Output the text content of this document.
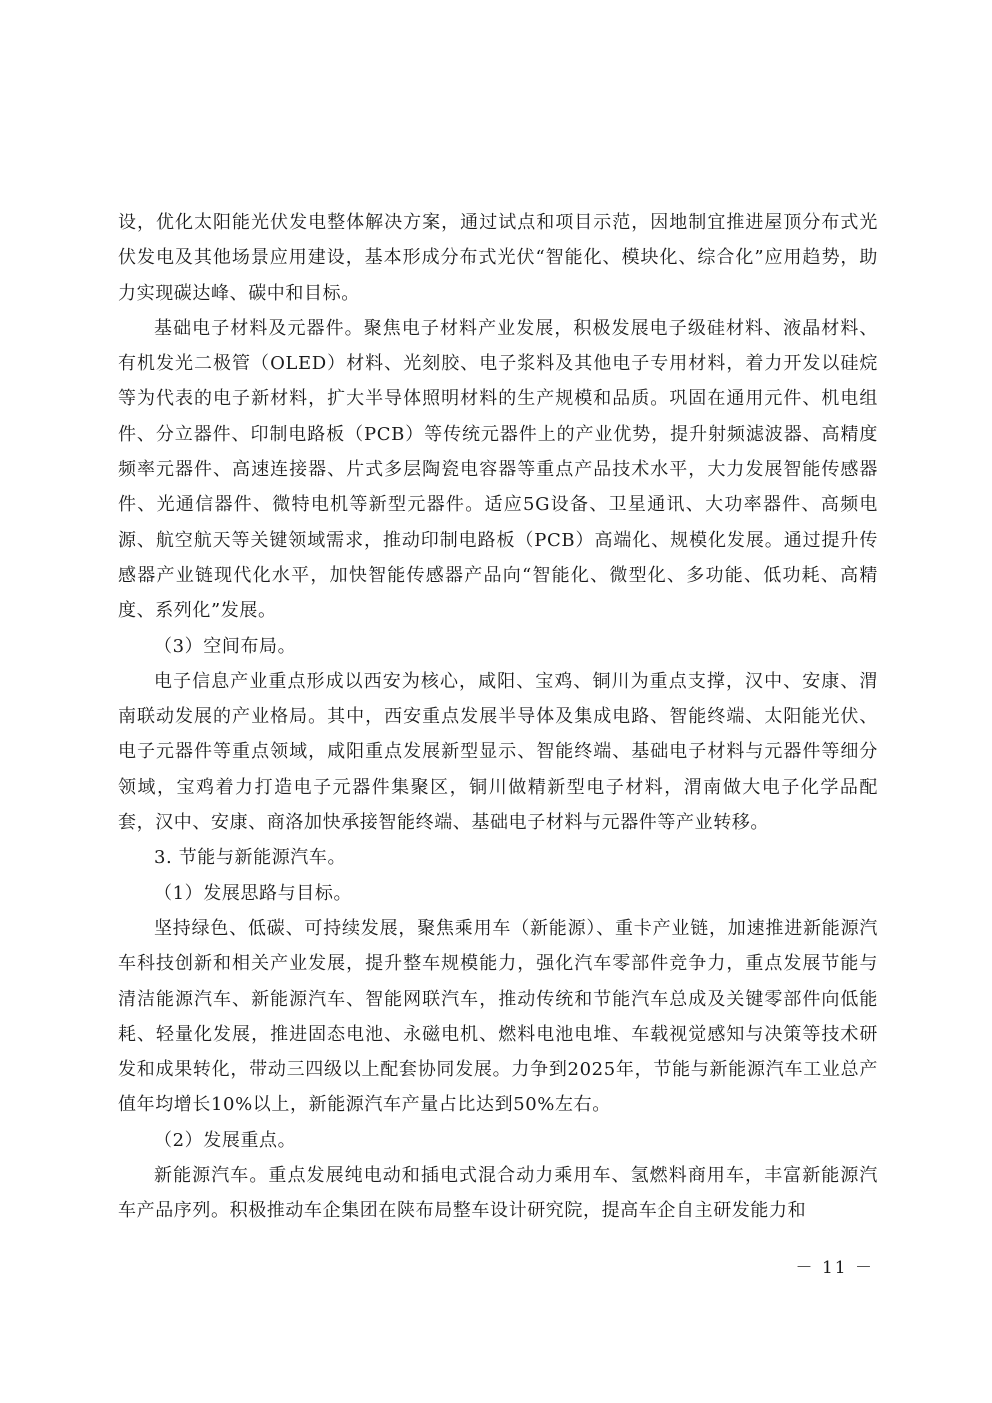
设，优化太阳能光伏发电整体解决方案，通过试点和项目示范，因地制宜推进屋顶分布式光伏发电及其他场景应用建设，基本形成分布式光伏“智能化、模块化、综合化”应用趋势，助力实现碳达峰、碳中和目标。

基础电子材料及元器件。聚焦电子材料产业发展，积极发展电子级硅材料、液晶材料、有机发光二极管（OLED）材料、光刻胶、电子浆料及其他电子专用材料，着力开发以硅烷等为代表的电子新材料，扩大半导体照明材料的生产规模和品质。巩固在通用元件、机电组件、分立器件、印制电路板（PCB）等传统元器件上的产业优势，提升射频滤波器、高精度频率元器件、高速连接器、片式多层陶瓷电容器等重点产品技术水平，大力发展智能传感器件、光通信器件、微特电机等新型元器件。适应5G设备、卫星通讯、大功率器件、高频电源、航空航天等关键领域需求，推动印制电路板（PCB）高端化、规模化发展。通过提升传感器产业链现代化水平，加快智能传感器产品向“智能化、微型化、多功能、低功耗、高精度、系列化”发展。

（3）空间布局。

电子信息产业重点形成以西安为核心，咸阳、宝鸡、铜川为重点支撑，汉中、安康、渭南联动发展的产业格局。其中，西安重点发展半导体及集成电路、智能终端、太阳能光伏、电子元器件等重点领域，咸阳重点发展新型显示、智能终端、基础电子材料与元器件等细分领域，宝鸡着力打造电子元器件集聚区，铜川做精新型电子材料，渭南做大电子化学品配套，汉中、安康、商洛加快承接智能终端、基础电子材料与元器件等产业转移。

3. 节能与新能源汽车。

（1）发展思路与目标。

坚持绿色、低碳、可持续发展，聚焦乘用车（新能源）、重卡产业链，加速推进新能源汽车科技创新和相关产业发展，提升整车规模能力，强化汽车零部件竞争力，重点发展节能与清洁能源汽车、新能源汽车、智能网联汽车，推动传统和节能汽车总成及关键零部件向低能耗、轻量化发展，推进固态电池、永磁电机、燃料电池电堆、车载视觉感知与决策等技术研发和成果转化，带动三四级以上配套协同发展。力争到2025年，节能与新能源汽车工业总产值年均增长10%以上，新能源汽车产量占比达到50%左右。

（2）发展重点。

新能源汽车。重点发展纯电动和插电式混合动力乘用车、氢燃料商用车，丰富新能源汽车产品序列。积极推动车企集团在陕布局整车设计研究院，提高车企自主研发能力和

－ 11 －
